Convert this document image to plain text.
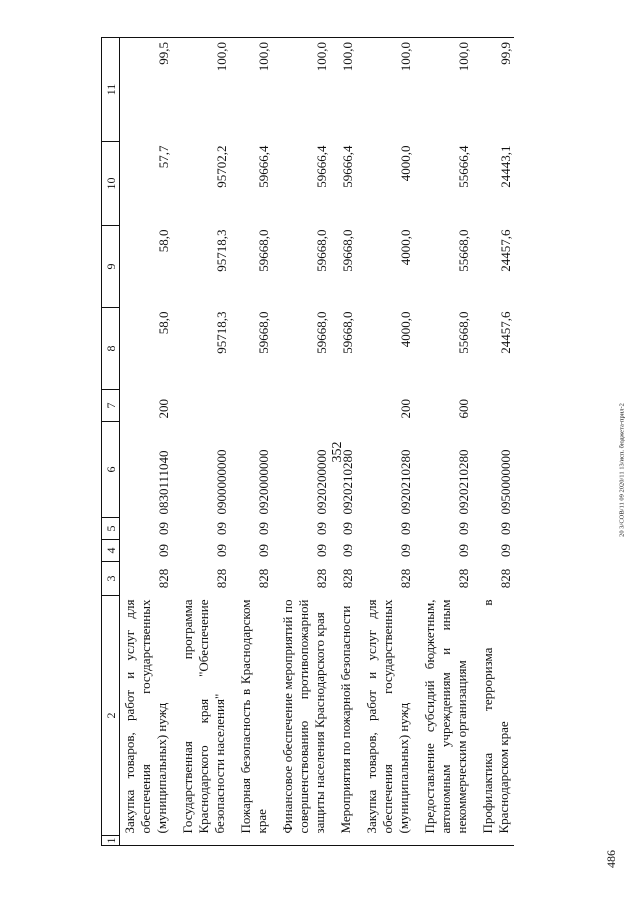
352	20 3/СОВ/11 09 2020/11 13/исп. бюджета-прил-2
486
1	2	3	4	5	6	7	8	9	10	11
	Закупка товаров, работ и услуг для обеспечения государственных (муниципальных) нужд	828	09	09	0830111040	200	58,0	58,0	57,7	99,5
	Государственная программа Краснодарского края "Обеспечение безопасности населения"	828	09	09	0900000000		95718,3	95718,3	95702,2	100,0
	Пожарная безопасность в Краснодарском крае	828	09	09	0920000000		59668,0	59668,0	59666,4	100,0
	Финансовое обеспечение мероприятий по совершенствованию противопожарной защиты населения Краснодарского края	828	09	09	0920200000		59668,0	59668,0	59666,4	100,0
	Мероприятия по пожарной безопасности	828	09	09	0920210280		59668,0	59668,0	59666,4	100,0
	Закупка товаров, работ и услуг для обеспечения государственных (муниципальных) нужд	828	09	09	0920210280	200	4000,0	4000,0	4000,0	100,0
	Предоставление субсидий бюджетным, автономным учреждениям и иным некоммерческим организациям	828	09	09	0920210280	600	55668,0	55668,0	55666,4	100,0
	Профилактика терроризма в Краснодарском крае	828	09	09	0950000000		24457,6	24457,6	24443,1	99,9
